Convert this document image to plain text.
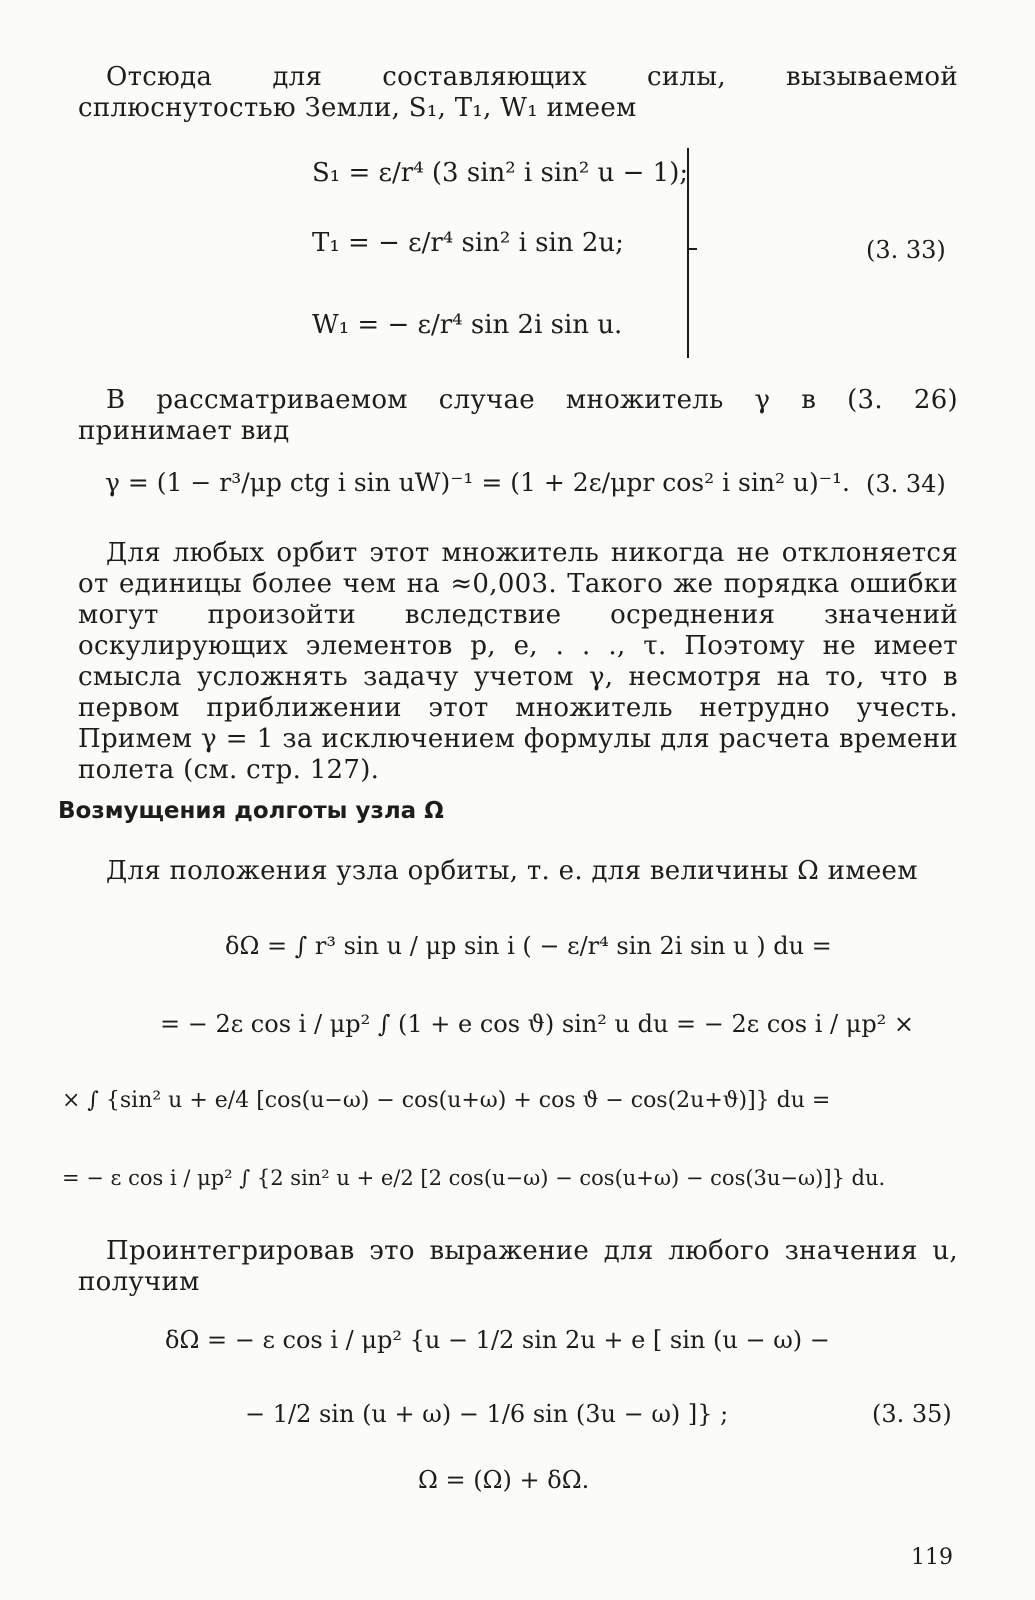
Отсюда для составляющих силы, вызываемой сплюснутостью Земли, S₁, T₁, W₁ имеем

S₁ = ε/r⁴ (3 sin² i sin² u − 1);
T₁ = − ε/r⁴ sin² i sin 2u;
W₁ = − ε/r⁴ sin 2i sin u.
(3. 33)

В рассматриваемом случае множитель γ в (3. 26) принимает вид

γ = (1 − r³/μp ctg i sin uW)⁻¹ = (1 + 2ε/μpr cos² i sin² u)⁻¹. (3. 34)

Для любых орбит этот множитель никогда не отклоняется от единицы более чем на ≈0,003. Такого же порядка ошибки могут произойти вследствие осреднения значений оскулирующих элементов p, e, . . ., τ. Поэтому не имеет смысла усложнять задачу учетом γ, несмотря на то, что в первом приближении этот множитель нетрудно учесть. Примем γ = 1 за исключением формулы для расчета времени полета (см. стр. 127).

Возмущения долготы узла Ω

Для положения узла орбиты, т. е. для величины Ω имеем

δΩ = ∫ r³ sin u / μp sin i ( − ε/r⁴ sin 2i sin u ) du =
= − 2ε cos i / μp² ∫ (1 + e cos ϑ) sin² u du = − 2ε cos i / μp² ×
× ∫ {sin² u + e/4 [cos(u−ω) − cos(u+ω) + cos ϑ − cos(2u+ϑ)]} du =
= − ε cos i / μp² ∫ {2 sin² u + e/2 [2 cos(u−ω) − cos(u+ω) − cos(3u−ω)]} du.

Проинтегрировав это выражение для любого значения u, получим

δΩ = − ε cos i / μp² {u − 1/2 sin 2u + e [ sin (u − ω) −
− 1/2 sin (u + ω) − 1/6 sin (3u − ω) ]} ;	(3. 35)
Ω = (Ω) + δΩ.
119
